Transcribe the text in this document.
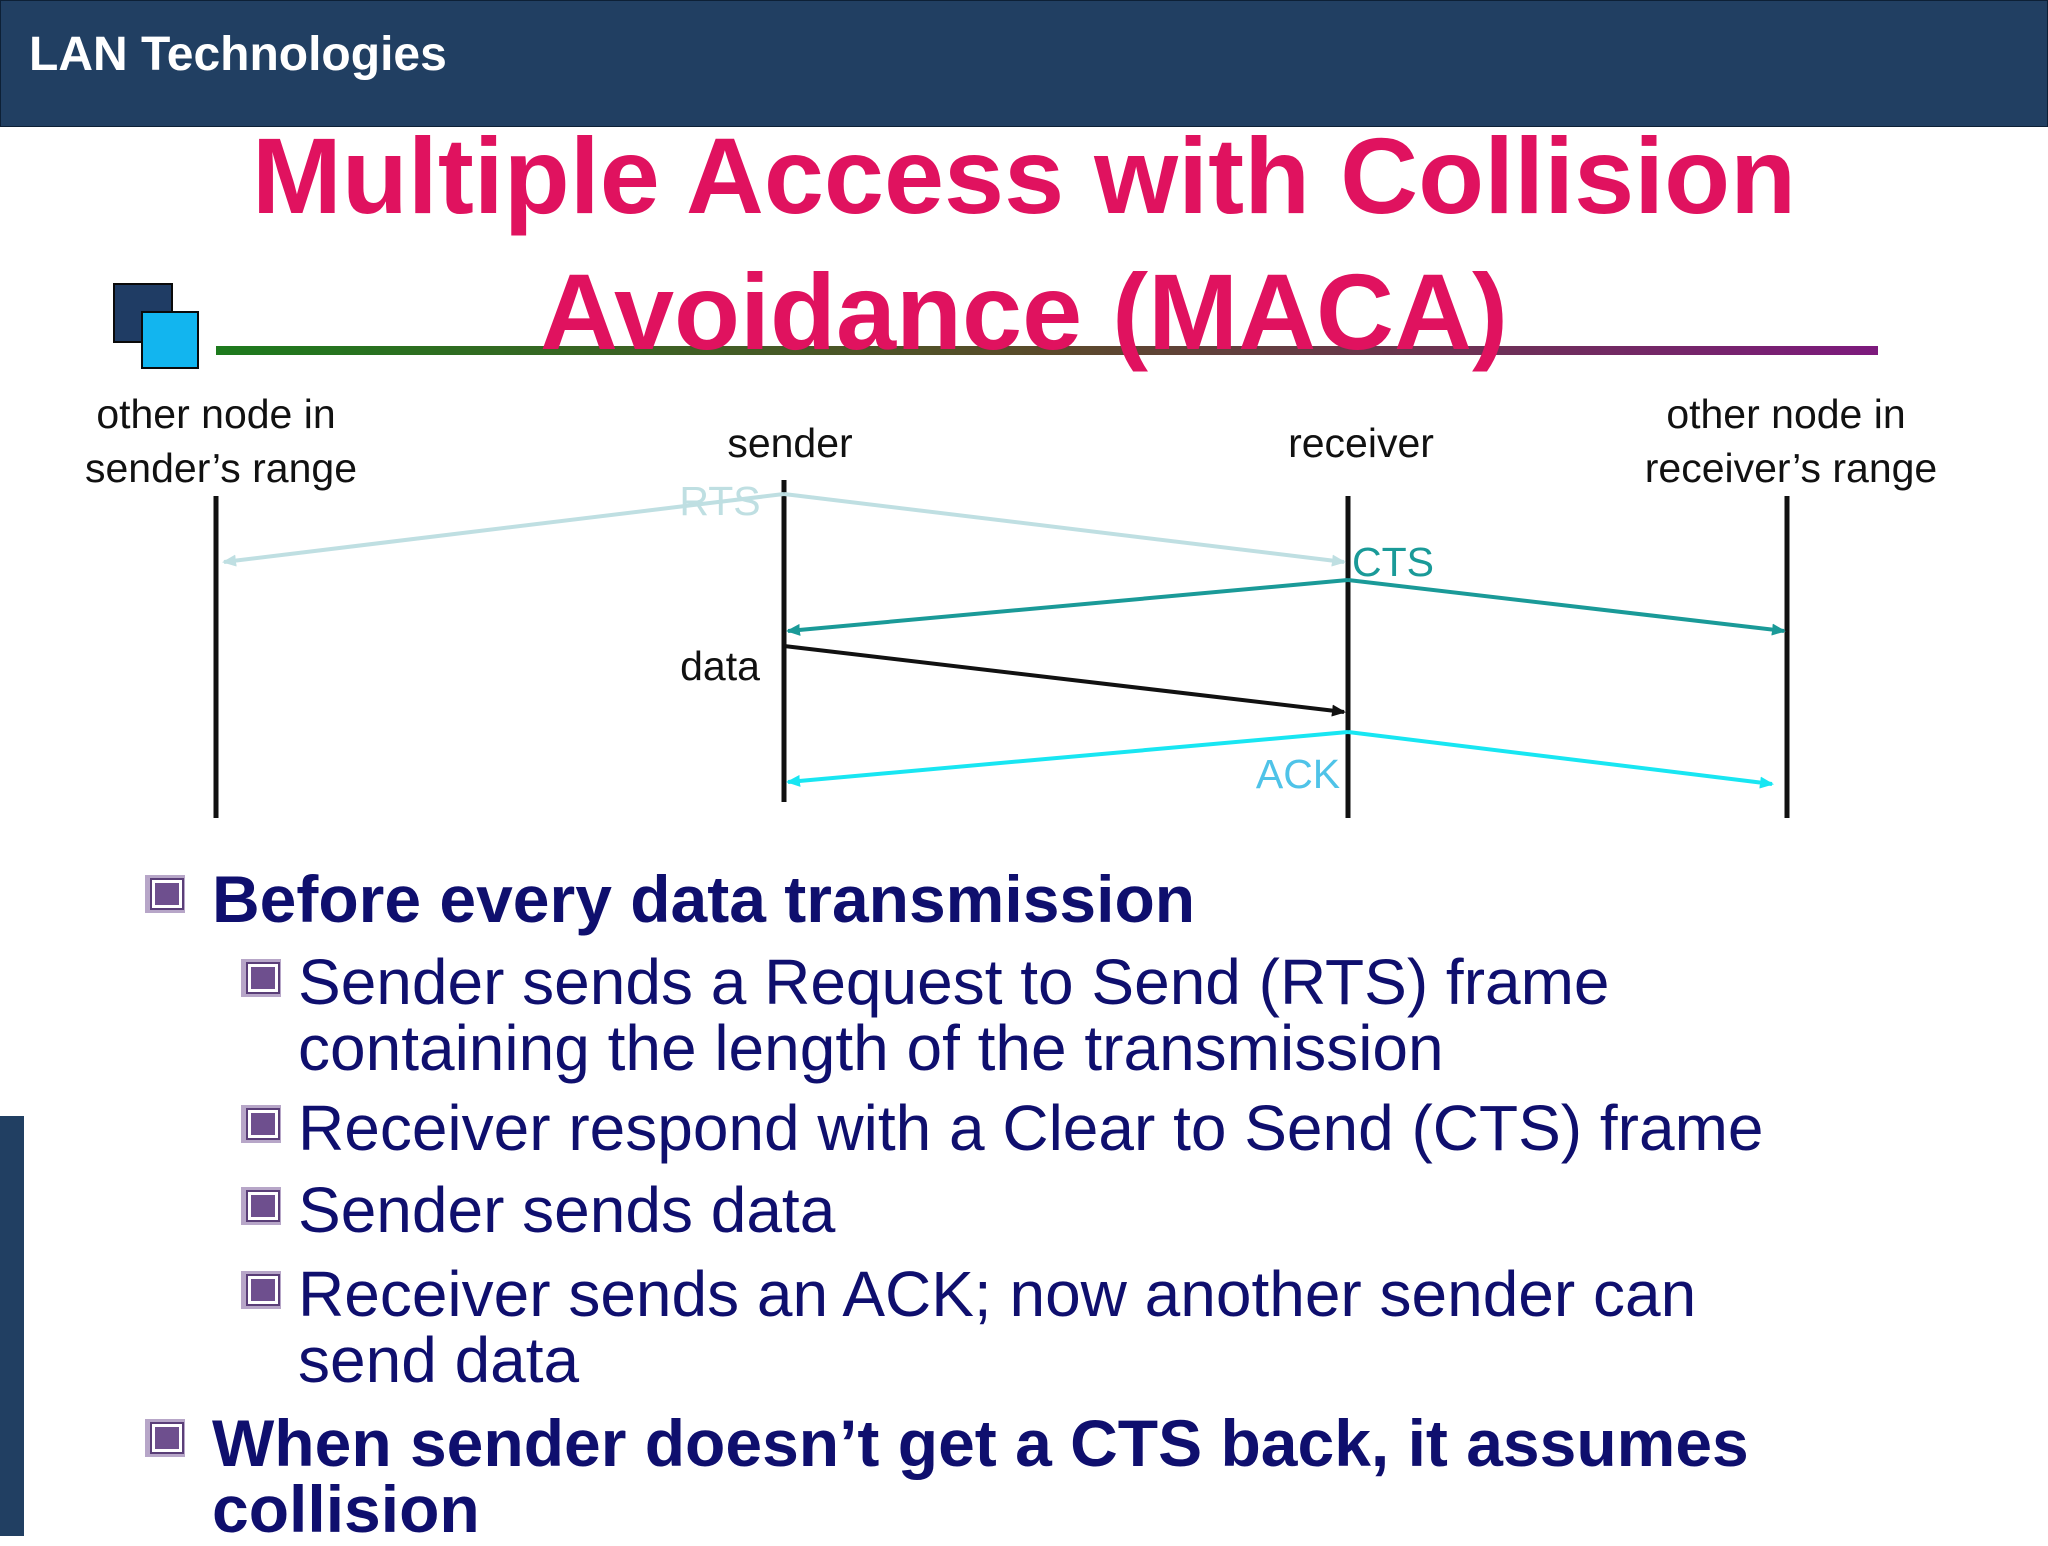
LAN Technologies
Multiple Access with Collision Avoidance (MACA)
other node in
sender’s range
sender	receiver
other node in
receiver’s range
RTS
CTS
data
ACK
Before every data transmission
Sender sends a Request to Send (RTS) frame
containing the length of the transmission
Receiver respond with a Clear to Send (CTS) frame
Sender sends data
Receiver sends an ACK; now another sender can
send data
When sender doesn’t get a CTS back, it assumes
collision
